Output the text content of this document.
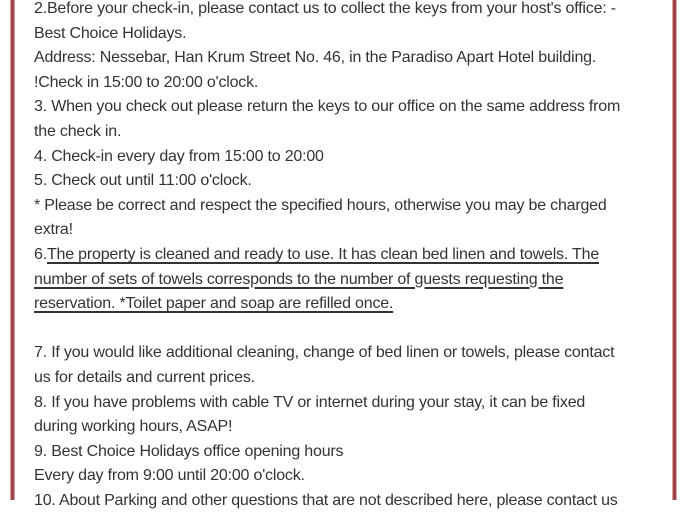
2.Before your check-in, please contact us to collect the keys from your host's office: -
Best Choice Holidays.
Address: Nessebar, Han Krum Street No. 46, in the Paradiso Apart Hotel building.
!Check in 15:00 to 20:00 o'clock.
3. When you check out please return the keys to our office on the same address from
the check in.
4. Check-in every day from 15:00 to 20:00
5. Check out until 11:00 o'clock.
* Please be correct and respect the specified hours, otherwise you may be charged
extra!
6.The property is cleaned and ready to use. It has clean bed linen and towels. The
number of sets of towels corresponds to the number of guests requesting the
reservation. *Toilet paper and soap are refilled once.

7. If you would like additional cleaning, change of bed linen or towels, please contact
us for details and current prices.
8. If you have problems with cable TV or internet during your stay, it can be fixed
during working hours, ASAP!
9. Best Choice Holidays office opening hours
Every day from 9:00 until 20:00 o'clock.
10. About Parking and other questions that are not described here, please contact us
